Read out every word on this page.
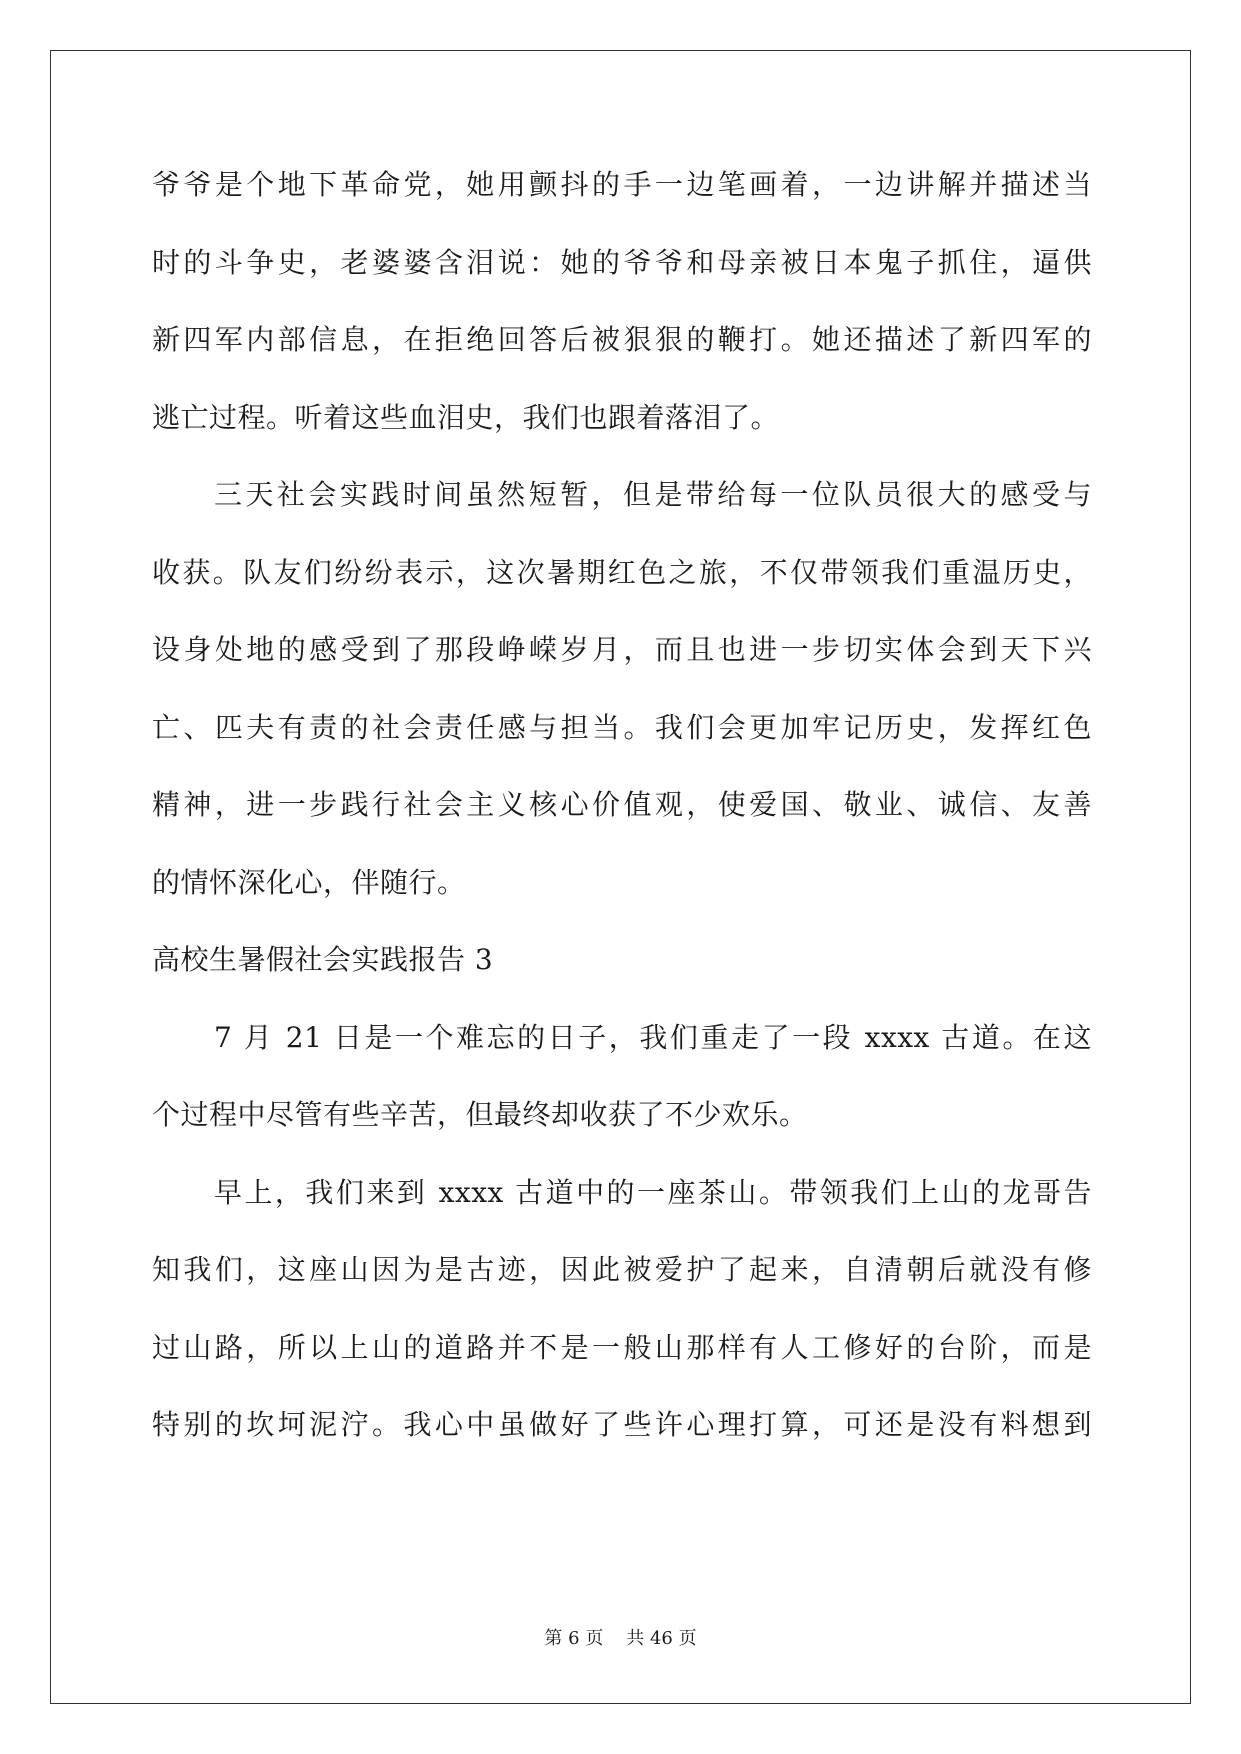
爷爷是个地下革命党，她用颤抖的手一边笔画着，一边讲解并描述当
时的斗争史，老婆婆含泪说：她的爷爷和母亲被日本鬼子抓住，逼供
新四军内部信息，在拒绝回答后被狠狠的鞭打。她还描述了新四军的
逃亡过程。听着这些血泪史，我们也跟着落泪了。
三天社会实践时间虽然短暂，但是带给每一位队员很大的感受与
收获。队友们纷纷表示，这次暑期红色之旅，不仅带领我们重温历史，
设身处地的感受到了那段峥嵘岁月，而且也进一步切实体会到天下兴
亡、匹夫有责的社会责任感与担当。我们会更加牢记历史，发挥红色
精神，进一步践行社会主义核心价值观，使爱国、敬业、诚信、友善
的情怀深化心，伴随行。
高校生暑假社会实践报告 3
7 月 21 日是一个难忘的日子，我们重走了一段 xxxx 古道。在这
个过程中尽管有些辛苦，但最终却收获了不少欢乐。
早上，我们来到 xxxx 古道中的一座茶山。带领我们上山的龙哥告
知我们，这座山因为是古迹，因此被爱护了起来，自清朝后就没有修
过山路，所以上山的道路并不是一般山那样有人工修好的台阶，而是
特别的坎坷泥泞。我心中虽做好了些许心理打算，可还是没有料想到
第 6 页 共 46 页
